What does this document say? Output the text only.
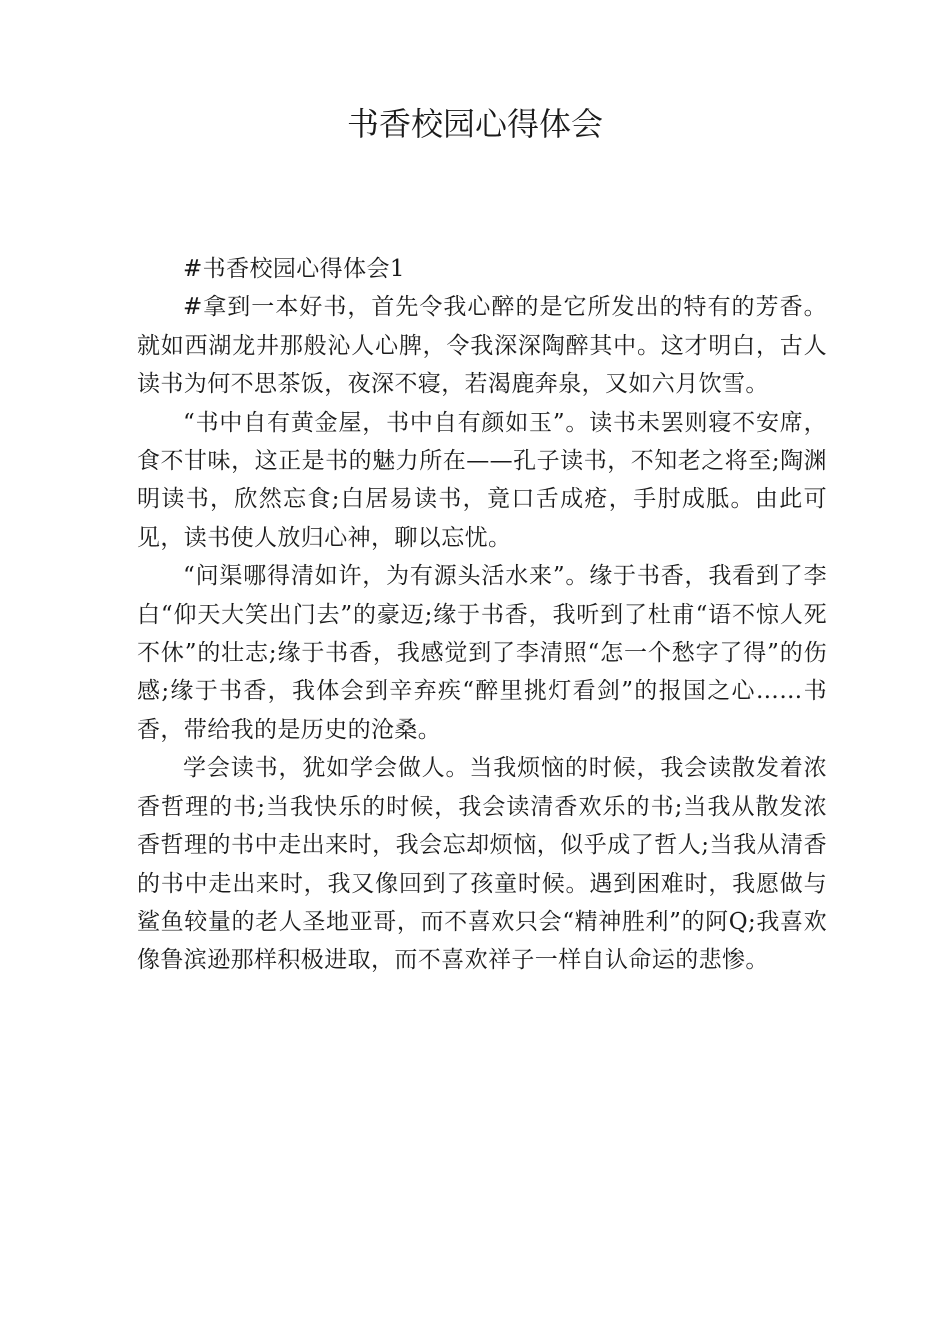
书香校园心得体会

#书香校园心得体会1

#拿到一本好书，首先令我心醉的是它所发出的特有的芳香。就如西湖龙井那般沁人心脾，令我深深陶醉其中。这才明白，古人读书为何不思茶饭，夜深不寝，若渴鹿奔泉，又如六月饮雪。

“书中自有黄金屋，书中自有颜如玉”。读书未罢则寝不安席，食不甘味，这正是书的魅力所在——孔子读书，不知老之将至;陶渊明读书，欣然忘食;白居易读书，竟口舌成疮，手肘成胝。由此可见，读书使人放归心神，聊以忘忧。

“问渠哪得清如许，为有源头活水来”。缘于书香，我看到了李白“仰天大笑出门去”的豪迈;缘于书香，我听到了杜甫“语不惊人死不休”的壮志;缘于书香，我感觉到了李清照“怎一个愁字了得”的伤感;缘于书香，我体会到辛弃疾“醉里挑灯看剑”的报国之心……书香，带给我的是历史的沧桑。

学会读书，犹如学会做人。当我烦恼的时候，我会读散发着浓香哲理的书;当我快乐的时候，我会读清香欢乐的书;当我从散发浓香哲理的书中走出来时，我会忘却烦恼，似乎成了哲人;当我从清香的书中走出来时，我又像回到了孩童时候。遇到困难时，我愿做与鲨鱼较量的老人圣地亚哥，而不喜欢只会“精神胜利”的阿Q;我喜欢像鲁滨逊那样积极进取，而不喜欢祥子一样自认命运的悲惨。
